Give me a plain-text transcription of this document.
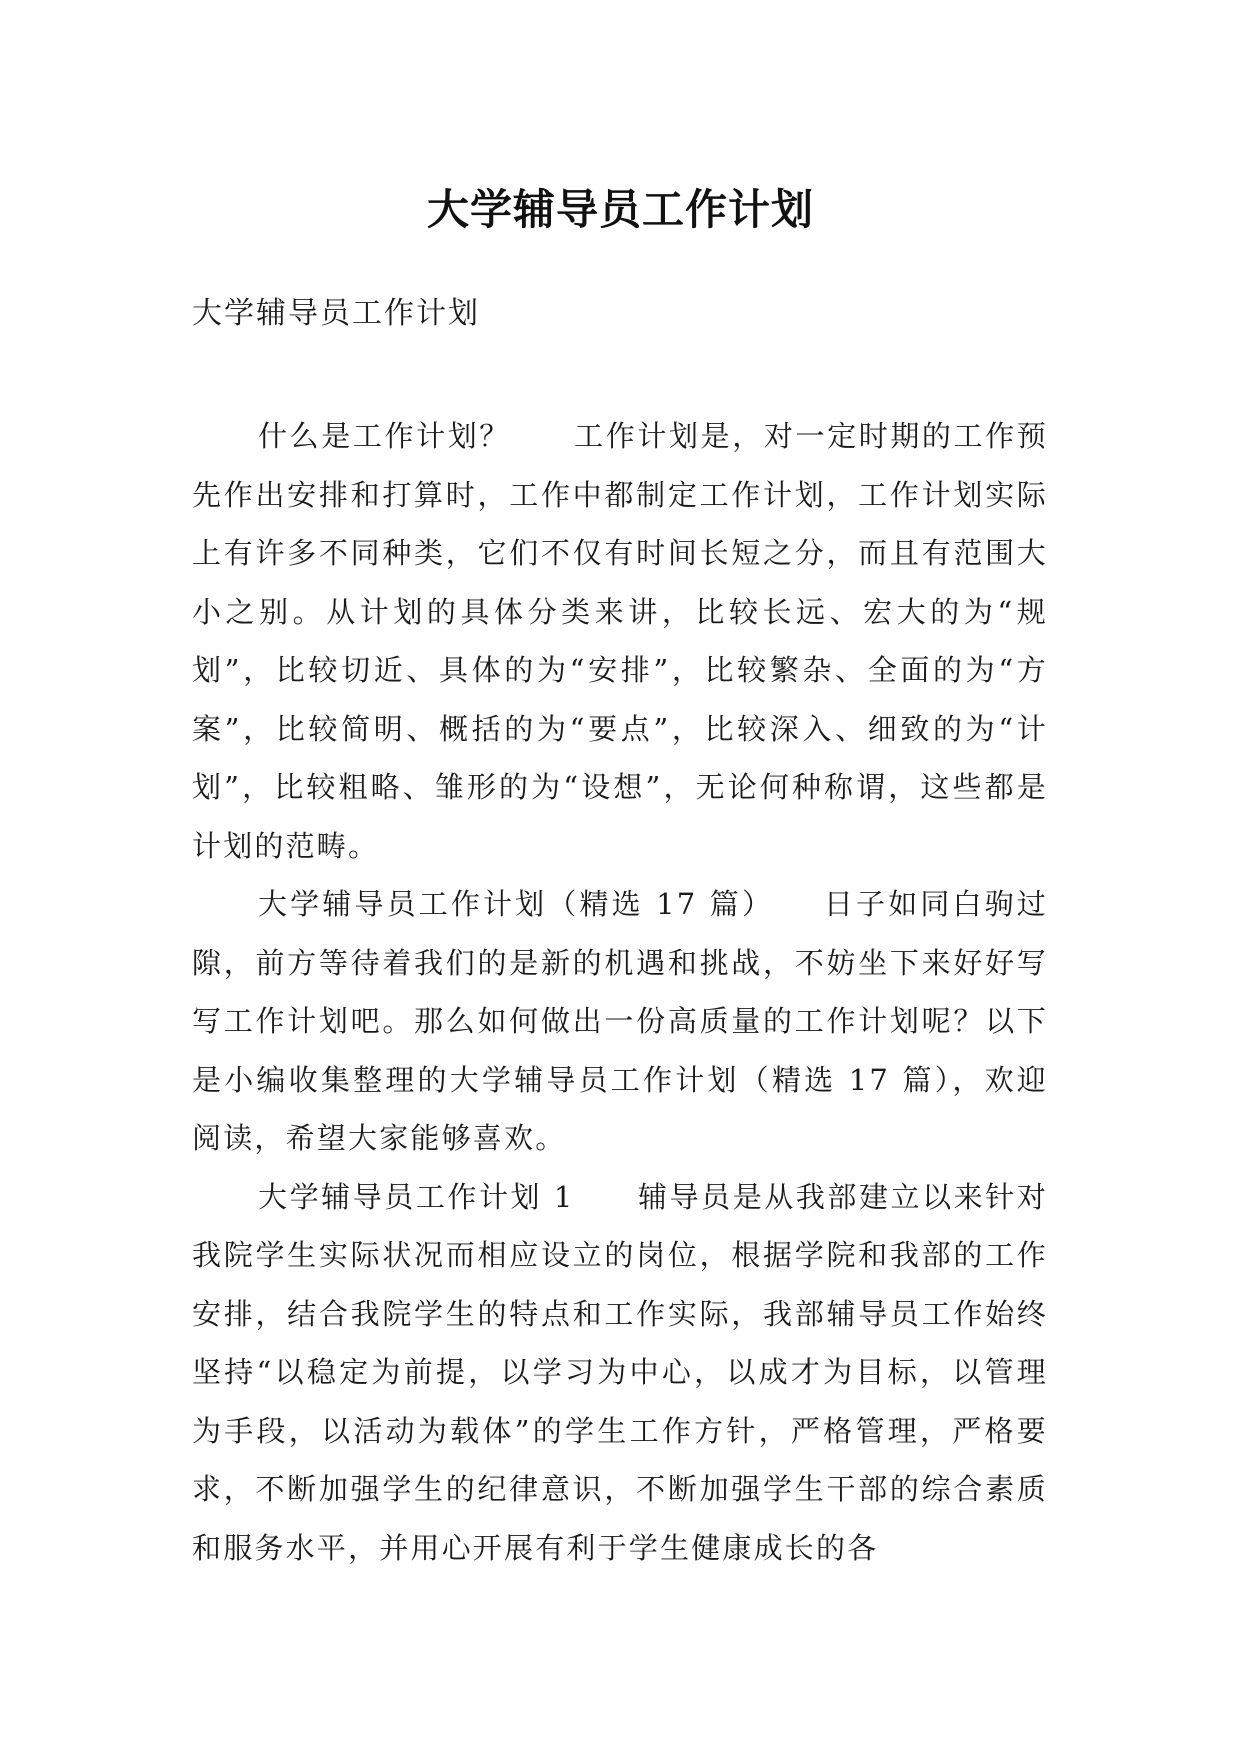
大学辅导员工作计划
大学辅导员工作计划

什么是工作计划？　　工作计划是，对一定时期的工作预先作出安排和打算时，工作中都制定工作计划，工作计划实际上有许多不同种类，它们不仅有时间长短之分，而且有范围大小之别。从计划的具体分类来讲，比较长远、宏大的为“规划”，比较切近、具体的为“安排”，比较繁杂、全面的为“方案”，比较简明、概括的为“要点”，比较深入、细致的为“计划”，比较粗略、雏形的为“设想”，无论何种称谓，这些都是计划的范畴。

大学辅导员工作计划（精选 17 篇）　　日子如同白驹过隙，前方等待着我们的是新的机遇和挑战，不妨坐下来好好写写工作计划吧。那么如何做出一份高质量的工作计划呢？以下是小编收集整理的大学辅导员工作计划（精选 17 篇），欢迎阅读，希望大家能够喜欢。

大学辅导员工作计划 1　　辅导员是从我部建立以来针对我院学生实际状况而相应设立的岗位，根据学院和我部的工作安排，结合我院学生的特点和工作实际，我部辅导员工作始终坚持“以稳定为前提，以学习为中心，以成才为目标，以管理为手段，以活动为载体”的学生工作方针，严格管理，严格要求，不断加强学生的纪律意识，不断加强学生干部的综合素质和服务水平，并用心开展有利于学生健康成长的各
